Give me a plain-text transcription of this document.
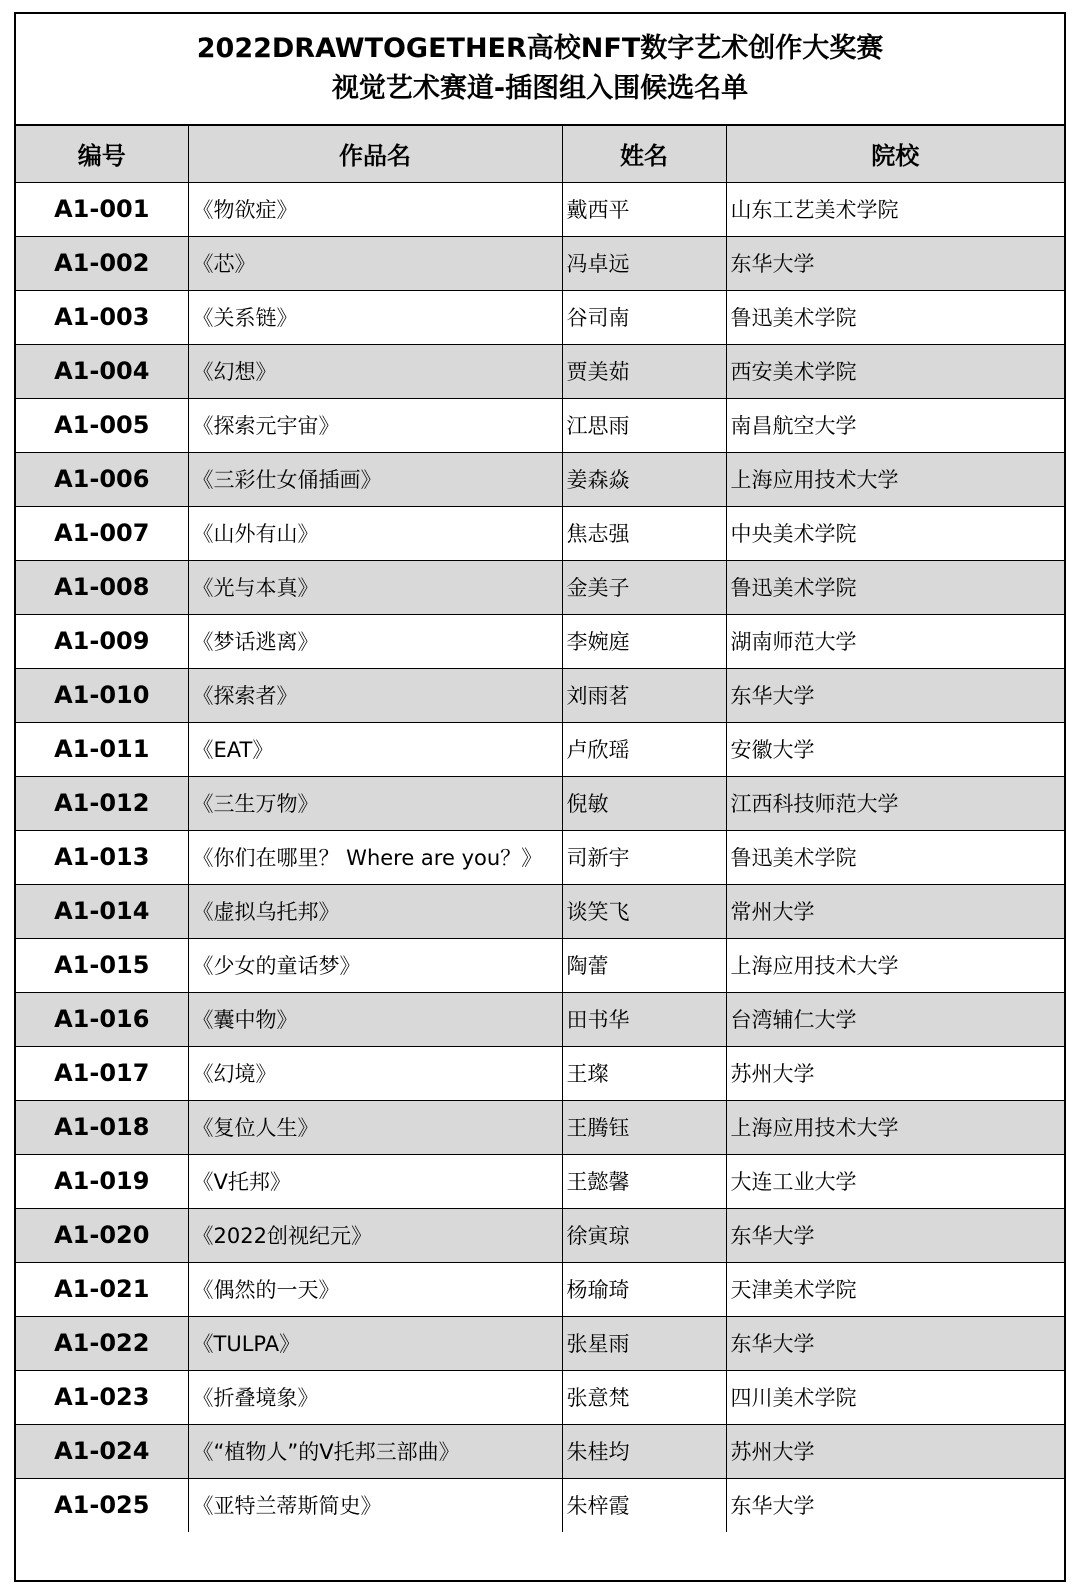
2022DRAWTOGETHER高校NFT数字艺术创作大奖赛
视觉艺术赛道-插图组入围候选名单
编号	作品名	姓名	院校
A1-001	《物欲症》	戴西平	山东工艺美术学院
A1-002	《芯》	冯卓远	东华大学
A1-003	《关系链》	谷司南	鲁迅美术学院
A1-004	《幻想》	贾美茹	西安美术学院
A1-005	《探索元宇宙》	江思雨	南昌航空大学
A1-006	《三彩仕女俑插画》	姜森焱	上海应用技术大学
A1-007	《山外有山》	焦志强	中央美术学院
A1-008	《光与本真》	金美子	鲁迅美术学院
A1-009	《梦话逃离》	李婉庭	湖南师范大学
A1-010	《探索者》	刘雨茗	东华大学
A1-011	《EAT》	卢欣瑶	安徽大学
A1-012	《三生万物》	倪敏	江西科技师范大学
A1-013	《你们在哪里？ Where are you？》	司新宇	鲁迅美术学院
A1-014	《虚拟乌托邦》	谈笑飞	常州大学
A1-015	《少女的童话梦》	陶蕾	上海应用技术大学
A1-016	《囊中物》	田书华	台湾辅仁大学
A1-017	《幻境》	王璨	苏州大学
A1-018	《复位人生》	王腾钰	上海应用技术大学
A1-019	《V托邦》	王懿馨	大连工业大学
A1-020	《2022创视纪元》	徐寅琼	东华大学
A1-021	《偶然的一天》	杨瑜琦	天津美术学院
A1-022	《TULPA》	张星雨	东华大学
A1-023	《折叠境象》	张意梵	四川美术学院
A1-024	《“植物人”的V托邦三部曲》	朱桂均	苏州大学
A1-025	《亚特兰蒂斯简史》	朱梓霞	东华大学
